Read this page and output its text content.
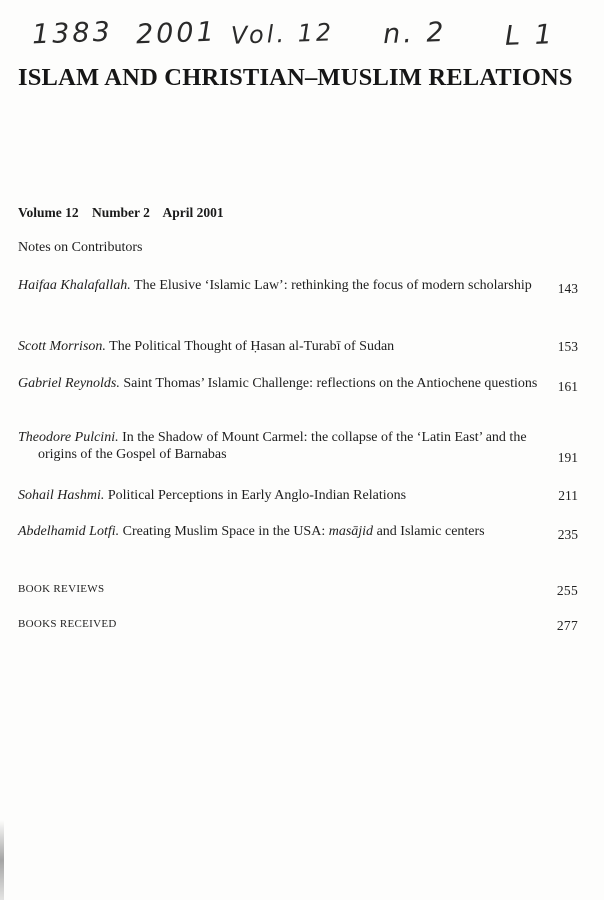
1383 2001 Vol. 12 n. 2 L 1
ISLAM AND CHRISTIAN–MUSLIM RELATIONS
Volume 12 Number 2 April 2001
Notes on Contributors
Haifaa Khalafallah. The Elusive ‘Islamic Law’: rethinking the focus of modern scholarship	143
Scott Morrison. The Political Thought of Ḥasan al-Turabī of Sudan	153
Gabriel Reynolds. Saint Thomas’ Islamic Challenge: reflections on the Antiochene questions	161
Theodore Pulcini. In the Shadow of Mount Carmel: the collapse of the ‘Latin East’ and the origins of the Gospel of Barnabas	191
Sohail Hashmi. Political Perceptions in Early Anglo-Indian Relations	211
Abdelhamid Lotfi. Creating Muslim Space in the USA: masājid and Islamic centers	235
BOOK REVIEWS	255
BOOKS RECEIVED	277
